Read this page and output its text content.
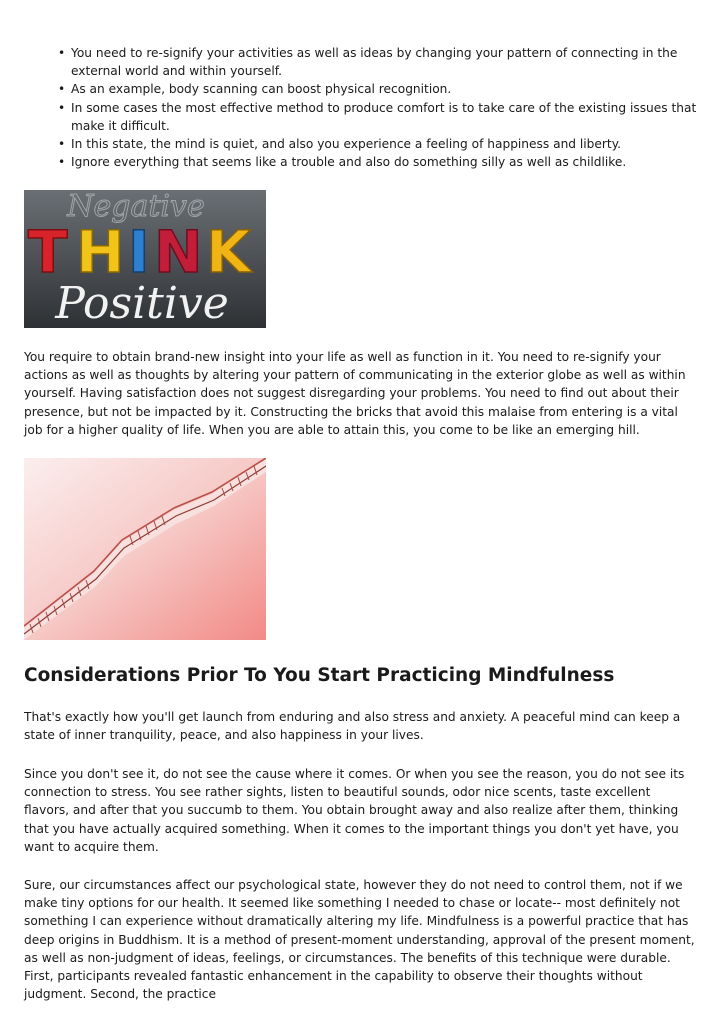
• You need to re-signify your activities as well as ideas by changing your pattern of connecting in the external world and within yourself.
• As an example, body scanning can boost physical recognition.
• In some cases the most effective method to produce comfort is to take care of the existing issues that make it difficult.
• In this state, the mind is quiet, and also you experience a feeling of happiness and liberty.
• Ignore everything that seems like a trouble and also do something silly as well as childlike.
Negative
T H I N K
Positive

You require to obtain brand-new insight into your life as well as function in it. You need to re-signify your actions as well as thoughts by altering your pattern of communicating in the exterior globe as well as within yourself. Having satisfaction does not suggest disregarding your problems. You need to find out about their presence, but not be impacted by it. Constructing the bricks that avoid this malaise from entering is a vital job for a higher quality of life. When you are able to attain this, you come to be like an emerging hill.

Considerations Prior To You Start Practicing Mindfulness

That's exactly how you'll get launch from enduring and also stress and anxiety. A peaceful mind can keep a state of inner tranquility, peace, and also happiness in your lives.

Since you don't see it, do not see the cause where it comes. Or when you see the reason, you do not see its connection to stress. You see rather sights, listen to beautiful sounds, odor nice scents, taste excellent flavors, and after that you succumb to them. You obtain brought away and also realize after them, thinking that you have actually acquired something. When it comes to the important things you don't yet have, you want to acquire them.

Sure, our circumstances affect our psychological state, however they do not need to control them, not if we make tiny options for our health. It seemed like something I needed to chase or locate-- most definitely not something I can experience without dramatically altering my life. Mindfulness is a powerful practice that has deep origins in Buddhism. It is a method of present-moment understanding, approval of the present moment, as well as non-judgment of ideas, feelings, or circumstances. The benefits of this technique were durable. First, participants revealed fantastic enhancement in the capability to observe their thoughts without judgment. Second, the practice
